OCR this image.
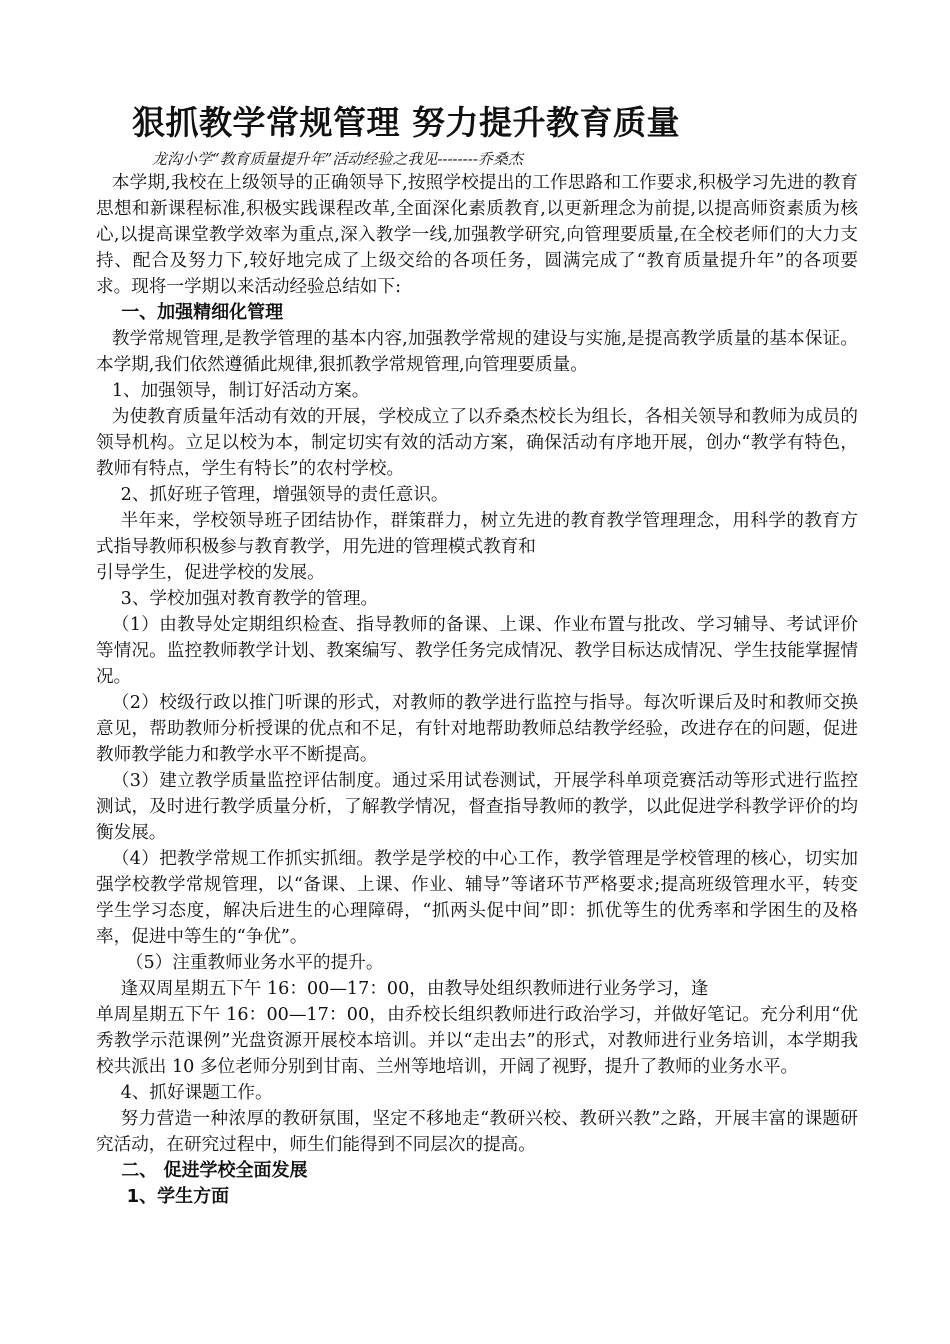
狠抓教学常规管理 努力提升教育质量
龙沟小学“教育质量提升年”活动经验之我见--------乔桑杰
本学期,我校在上级领导的正确领导下,按照学校提出的工作思路和工作要求,积极学习先进的教育思想和新课程标准,积极实践课程改革,全面深化素质教育,以更新理念为前提,以提高师资素质为核心,以提高课堂教学效率为重点,深入教学一线,加强教学研究,向管理要质量,在全校老师们的大力支持、配合及努力下,较好地完成了上级交给的各项任务，圆满完成了“教育质量提升年”的各项要求。现将一学期以来活动经验总结如下:
一、加强精细化管理
教学常规管理,是教学管理的基本内容,加强教学常规的建设与实施,是提高教学质量的基本保证。本学期,我们依然遵循此规律,狠抓教学常规管理,向管理要质量。
1、加强领导，制订好活动方案。
为使教育质量年活动有效的开展，学校成立了以乔桑杰校长为组长，各相关领导和教师为成员的领导机构。立足以校为本，制定切实有效的活动方案，确保活动有序地开展，创办“教学有特色，教师有特点，学生有特长”的农村学校。
2、抓好班子管理，增强领导的责任意识。
半年来，学校领导班子团结协作，群策群力，树立先进的教育教学管理理念，用科学的教育方式指导教师积极参与教育教学，用先进的管理模式教育和
引导学生，促进学校的发展。
3、学校加强对教育教学的管理。
（1）由教导处定期组织检查、指导教师的备课、上课、作业布置与批改、学习辅导、考试评价等情况。监控教师教学计划、教案编写、教学任务完成情况、教学目标达成情况、学生技能掌握情况。
（2）校级行政以推门听课的形式，对教师的教学进行监控与指导。每次听课后及时和教师交换意见，帮助教师分析授课的优点和不足，有针对地帮助教师总结教学经验，改进存在的问题，促进教师教学能力和教学水平不断提高。
（3）建立教学质量监控评估制度。通过采用试卷测试，开展学科单项竞赛活动等形式进行监控测试，及时进行教学质量分析，了解教学情况，督查指导教师的教学，以此促进学科教学评价的均衡发展。
（4）把教学常规工作抓实抓细。教学是学校的中心工作，教学管理是学校管理的核心，切实加强学校教学常规管理，以“备课、上课、作业、辅导”等诸环节严格要求;提高班级管理水平，转变学生学习态度，解决后进生的心理障碍，“抓两头促中间”即：抓优等生的优秀率和学困生的及格率，促进中等生的“争优”。
（5）注重教师业务水平的提升。
逢双周星期五下午 16：00—17：00，由教导处组织教师进行业务学习，逢
单周星期五下午 16：00—17：00，由乔校长组织教师进行政治学习，并做好笔记。充分利用“优秀教学示范课例”光盘资源开展校本培训。并以“走出去”的形式，对教师进行业务培训，本学期我校共派出 10 多位老师分别到甘南、兰州等地培训，开阔了视野，提升了教师的业务水平。
4、抓好课题工作。
努力营造一种浓厚的教研氛围，坚定不移地走“教研兴校、教研兴教”之路，开展丰富的课题研究活动，在研究过程中，师生们能得到不同层次的提高。
二、 促进学校全面发展
1、学生方面
